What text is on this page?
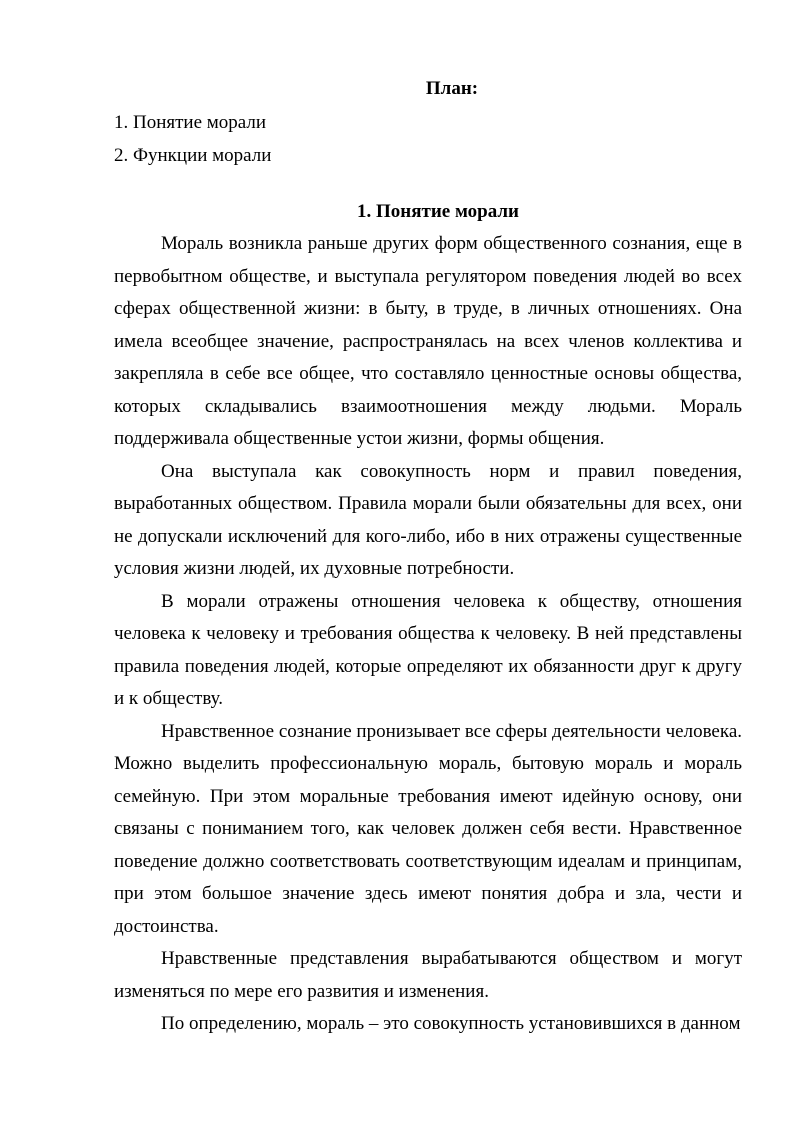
План:
1. Понятие морали
2. Функции морали
1. Понятие морали

Мораль возникла раньше других форм общественного сознания, еще в первобытном обществе, и выступала регулятором поведения людей во всех сферах общественной жизни: в быту, в труде, в личных отношениях. Она имела всеобщее значение, распространялась на всех членов коллектива и закрепляла в себе все общее, что составляло ценностные основы общества, которых складывались взаимоотношения между людьми. Мораль поддерживала общественные устои жизни, формы общения.

Она выступала как совокупность норм и правил поведения, выработанных обществом. Правила морали были обязательны для всех, они не допускали исключений для кого-либо, ибо в них отражены существенные условия жизни людей, их духовные потребности.

В морали отражены отношения человека к обществу, отношения человека к человеку и требования общества к человеку. В ней представлены правила поведения людей, которые определяют их обязанности друг к другу и к обществу.

Нравственное сознание пронизывает все сферы деятельности человека. Можно выделить профессиональную мораль, бытовую мораль и мораль семейную. При этом моральные требования имеют идейную основу, они связаны с пониманием того, как человек должен себя вести. Нравственное поведение должно соответствовать соответствующим идеалам и принципам, при этом большое значение здесь имеют понятия добра и зла, чести и достоинства.

Нравственные представления вырабатываются обществом и могут изменяться по мере его развития и изменения.

По определению, мораль – это совокупность установившихся в данном
